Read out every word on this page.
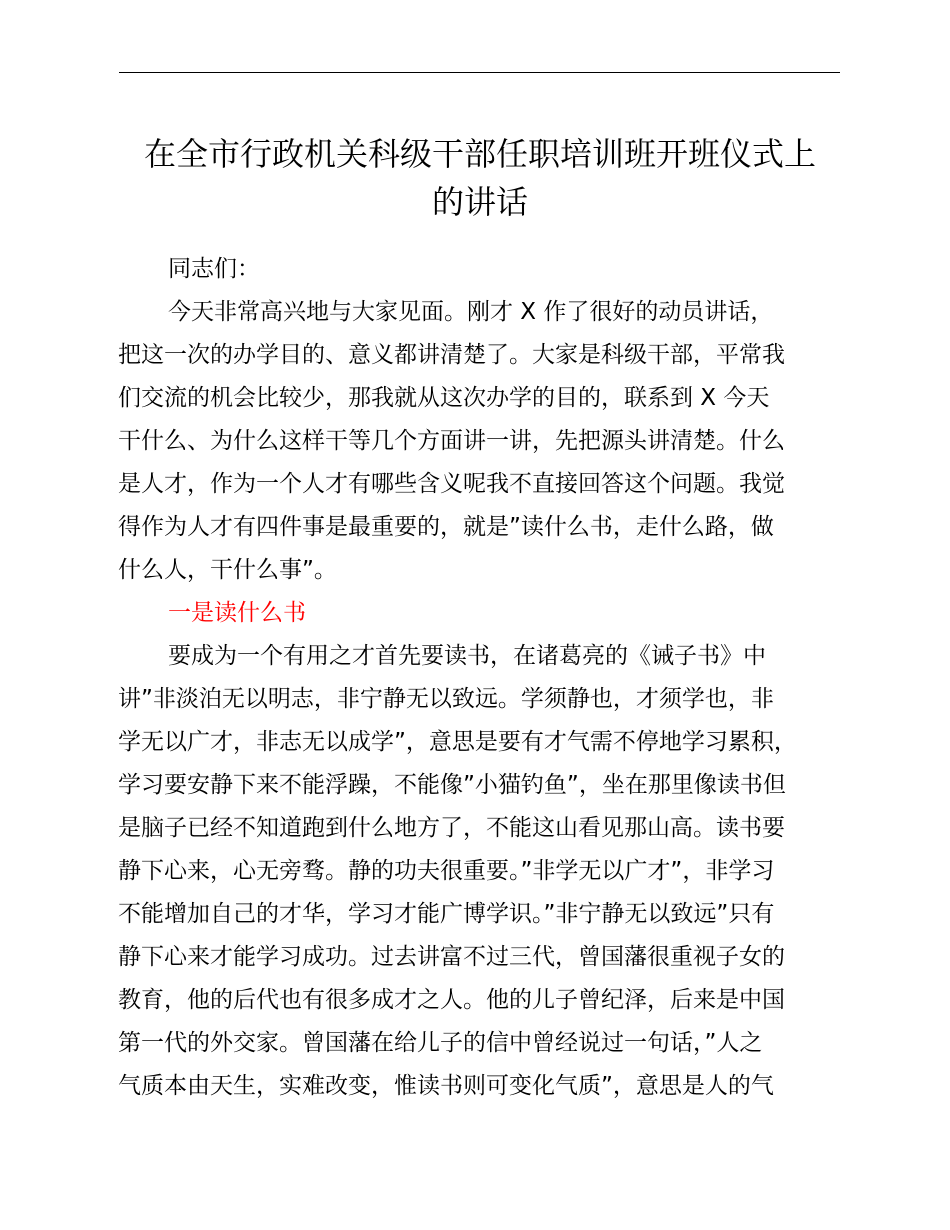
在全市行政机关科级干部任职培训班开班仪式上
的讲话
同志们：
今天非常高兴地与大家见面。刚才 X 作了很好的动员讲话，
把这一次的办学目的、意义都讲清楚了。大家是科级干部，平常我
们交流的机会比较少，那我就从这次办学的目的，联系到 X 今天
干什么、为什么这样干等几个方面讲一讲，先把源头讲清楚。什么
是人才，作为一个人才有哪些含义呢我不直接回答这个问题。我觉
得作为人才有四件事是最重要的，就是”读什么书，走什么路，做
什么人，干什么事”。
一是读什么书
要成为一个有用之才首先要读书，在诸葛亮的《诫子书》中
讲”非淡泊无以明志，非宁静无以致远。学须静也，才须学也，非
学无以广才，非志无以成学”，意思是要有才气需不停地学习累积，
学习要安静下来不能浮躁，不能像”小猫钓鱼”，坐在那里像读书但
是脑子已经不知道跑到什么地方了，不能这山看见那山高。读书要
静下心来，心无旁骛。静的功夫很重要。”非学无以广才”，非学习
不能增加自己的才华，学习才能广博学识。”非宁静无以致远”只有
静下心来才能学习成功。过去讲富不过三代，曾国藩很重视子女的
教育，他的后代也有很多成才之人。他的儿子曾纪泽，后来是中国
第一代的外交家。曾国藩在给儿子的信中曾经说过一句话，”人之
气质本由天生，实难改变，惟读书则可变化气质”，意思是人的气
